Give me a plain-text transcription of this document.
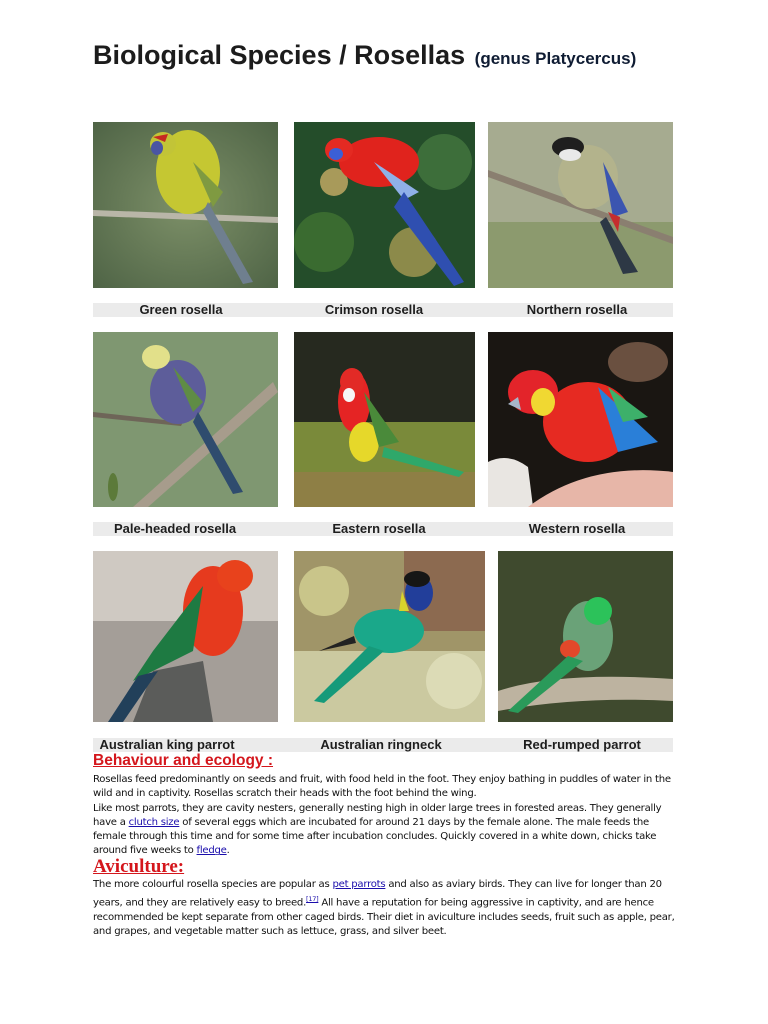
Biological Species / Rosellas (genus Platycercus)
Green rosella	Crimson rosella	Northern rosella
Pale-headed rosella	Eastern rosella	Western rosella
Australian king parrot	Australian ringneck	Red-rumped parrot
Behaviour and ecology :
Rosellas feed predominantly on seeds and fruit, with food held in the foot. They enjoy bathing in puddles of water in the wild and in captivity. Rosellas scratch their heads with the foot behind the wing.
Like most parrots, they are cavity nesters, generally nesting high in older large trees in forested areas. They generally have a clutch size of several eggs which are incubated for around 21 days by the female alone. The male feeds the female through this time and for some time after incubation concludes. Quickly covered in a white down, chicks take around five weeks to fledge.
Aviculture:
The more colourful rosella species are popular as pet parrots and also as aviary birds. They can live for longer than 20 years, and they are relatively easy to breed.[17] All have a reputation for being aggressive in captivity, and are hence recommended be kept separate from other caged birds. Their diet in aviculture includes seeds, fruit such as apple, pear, and grapes, and vegetable matter such as lettuce, grass, and silver beet.
